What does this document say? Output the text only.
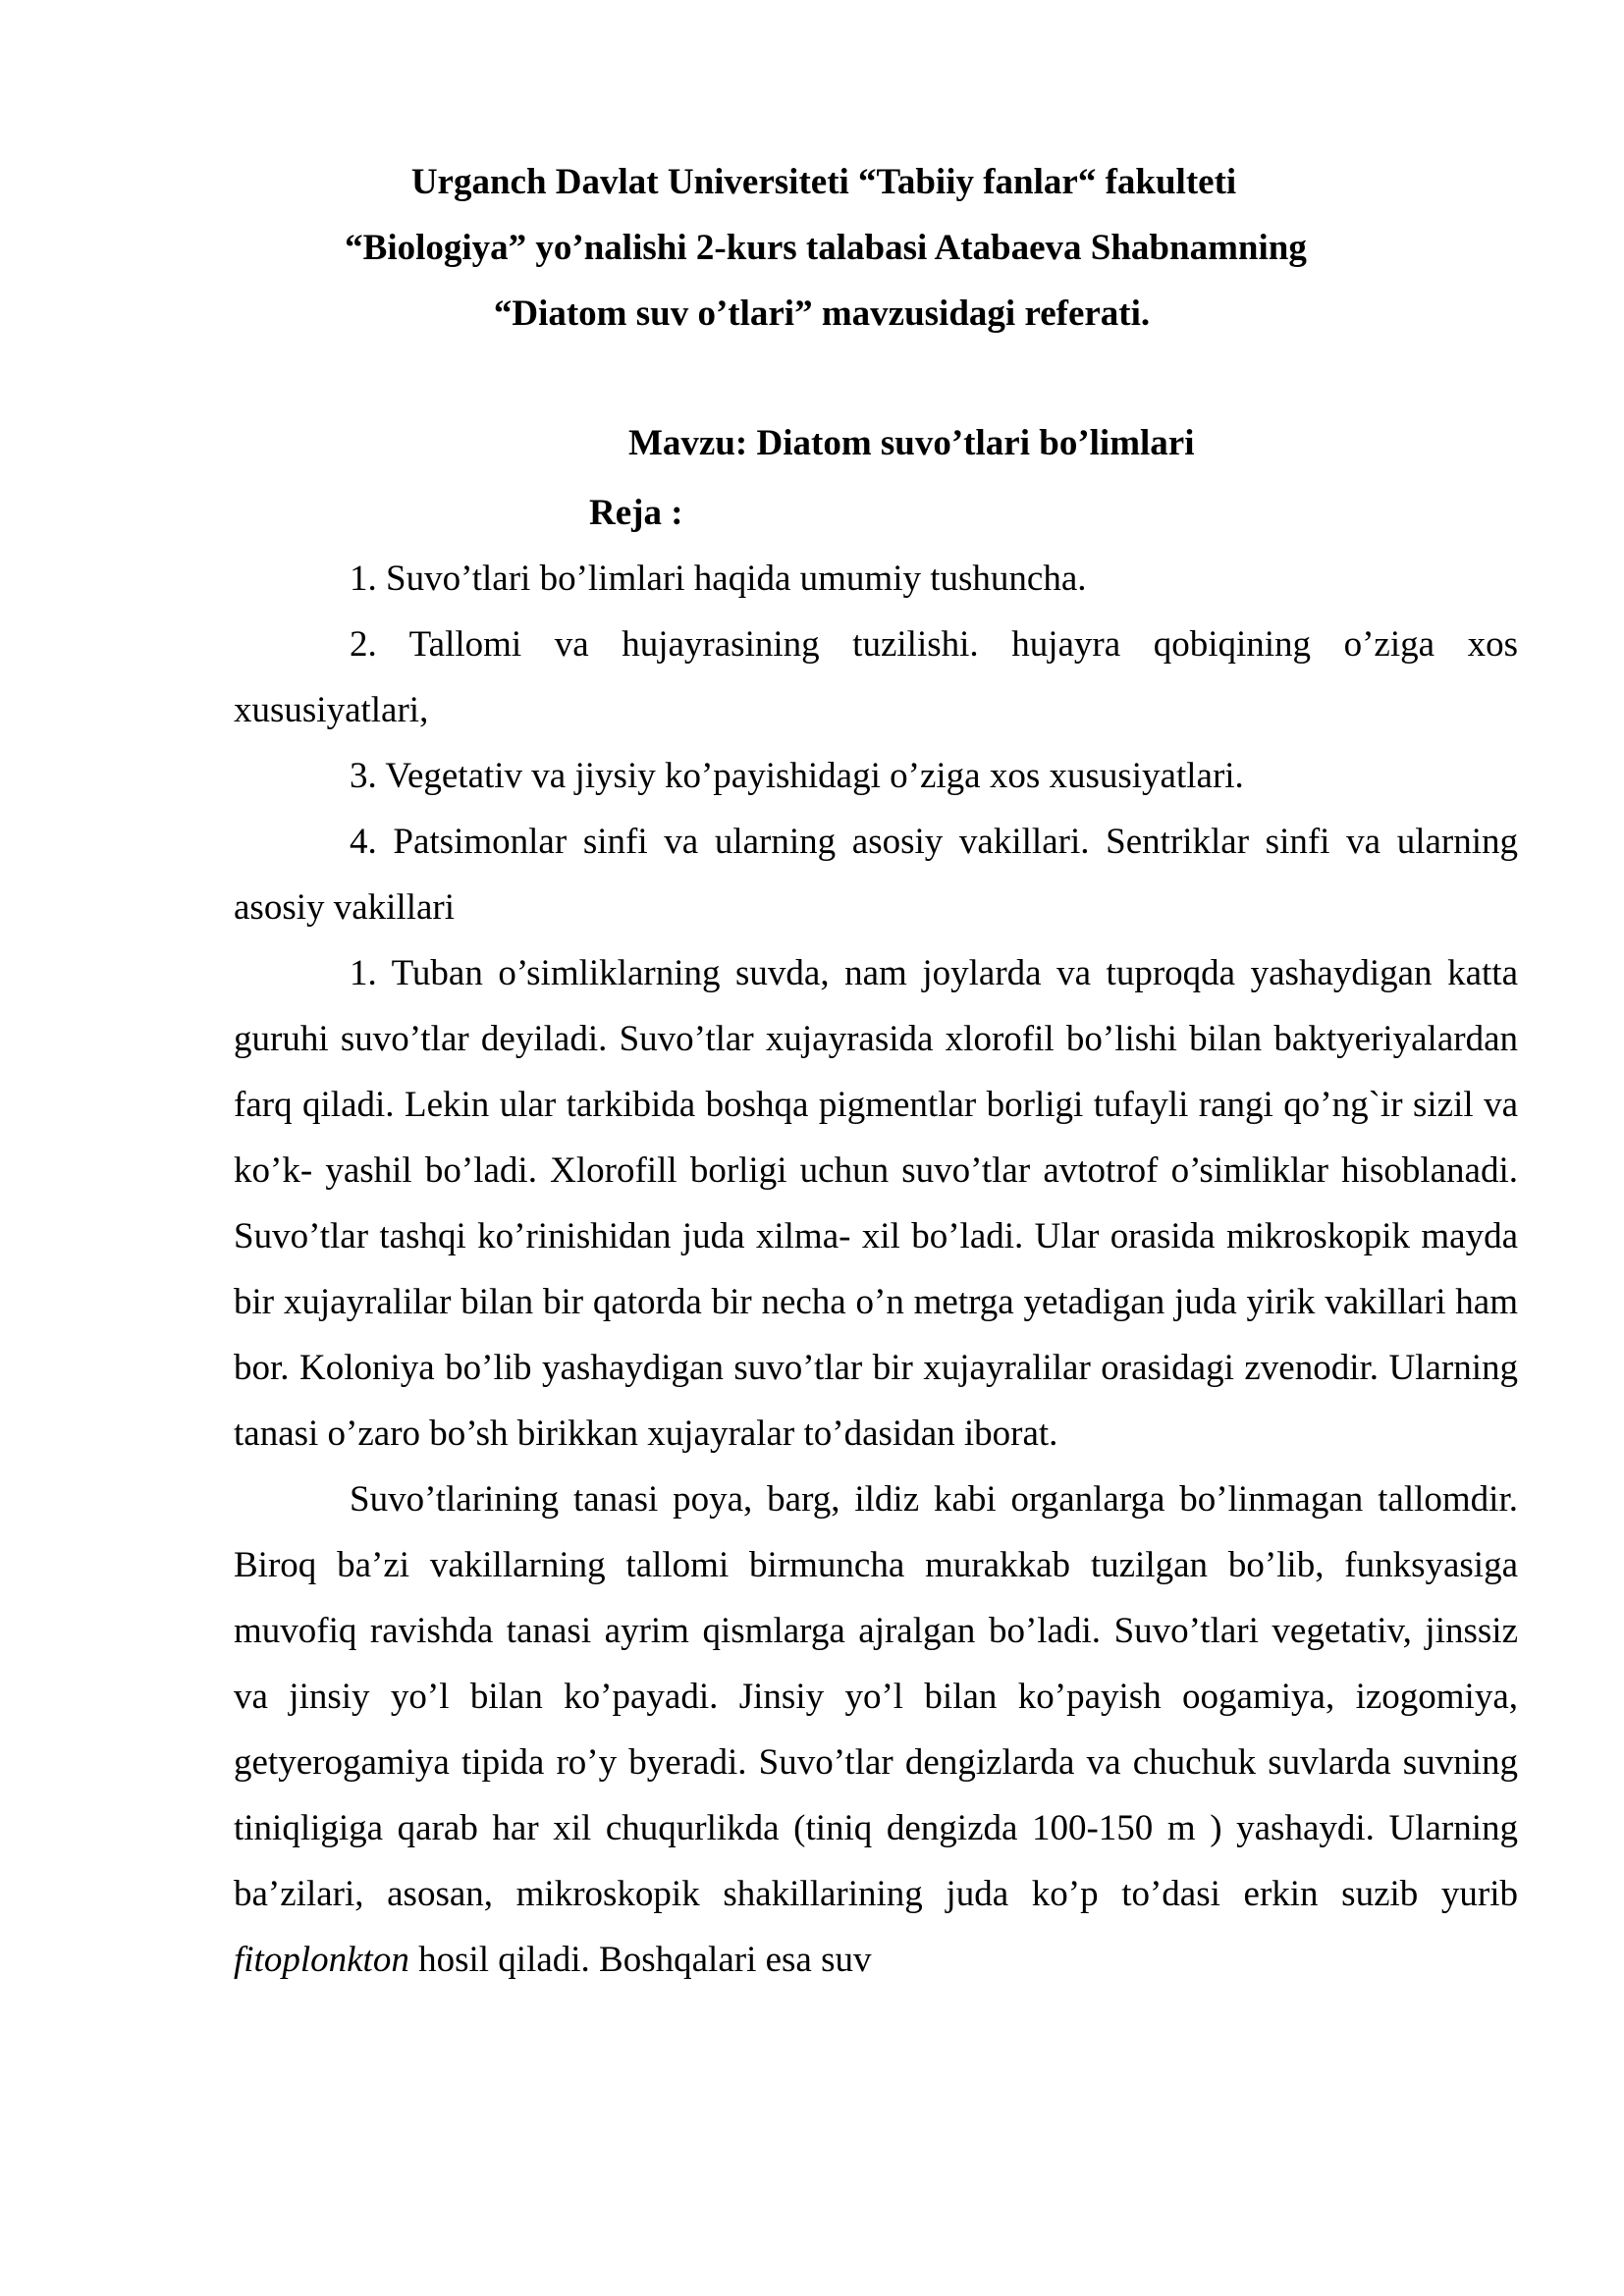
Urganch Davlat Universiteti “Tabiiy fanlar“ fakulteti
“Biologiya” yo’nalishi 2-kurs talabasi Atabaeva Shabnamning
“Diatom suv o’tlari” mavzusidagi referati.
Mavzu: Diatom suvo’tlari bo’limlari
Reja :

1. Suvo’tlari bo’limlari haqida umumiy tushuncha.

2. Tallomi va hujayrasining tuzilishi. hujayra qobiqining o’ziga xos xususiyatlari,

3. Vegetativ va jiysiy ko’payishidagi o’ziga xos xususiyatlari.

4. Patsimonlar sinfi va ularning asosiy vakillari. Sentriklar sinfi va ularning asosiy vakillari

1. Tuban o’simliklarning suvda, nam joylarda va tuproqda yashaydigan katta guruhi suvo’tlar deyiladi. Suvo’tlar xujayrasida xlorofil bo’lishi bilan baktyeriyalardan farq qiladi. Lekin ular tarkibida boshqa pigmentlar borligi tufayli rangi qo’ng`ir sizil va ko’k- yashil bo’ladi. Xlorofill borligi uchun suvo’tlar avtotrof o’simliklar hisoblanadi. Suvo’tlar tashqi ko’rinishidan juda xilma- xil bo’ladi. Ular orasida mikroskopik mayda bir xujayralilar bilan bir qatorda bir necha o’n metrga yetadigan juda yirik vakillari ham bor. Koloniya bo’lib yashaydigan suvo’tlar bir xujayralilar orasidagi zvenodir. Ularning tanasi o’zaro bo’sh birikkan xujayralar to’dasidan iborat.

Suvo’tlarining tanasi poya, barg, ildiz kabi organlarga bo’linmagan tallomdir. Biroq ba’zi vakillarning tallomi birmuncha murakkab tuzilgan bo’lib, funksyasiga muvofiq ravishda tanasi ayrim qismlarga ajralgan bo’ladi. Suvo’tlari vegetativ, jinssiz va jinsiy yo’l bilan ko’payadi. Jinsiy yo’l bilan ko’payish oogamiya, izogomiya, getyerogamiya tipida ro’y byeradi. Suvo’tlar dengizlarda va chuchuk suvlarda suvning tiniqligiga qarab har xil chuqurlikda (tiniq dengizda 100-150 m ) yashaydi. Ularning ba’zilari, asosan, mikroskopik shakillarining juda ko’p to’dasi erkin suzib yurib fitoplonkton hosil qiladi. Boshqalari esa suv
